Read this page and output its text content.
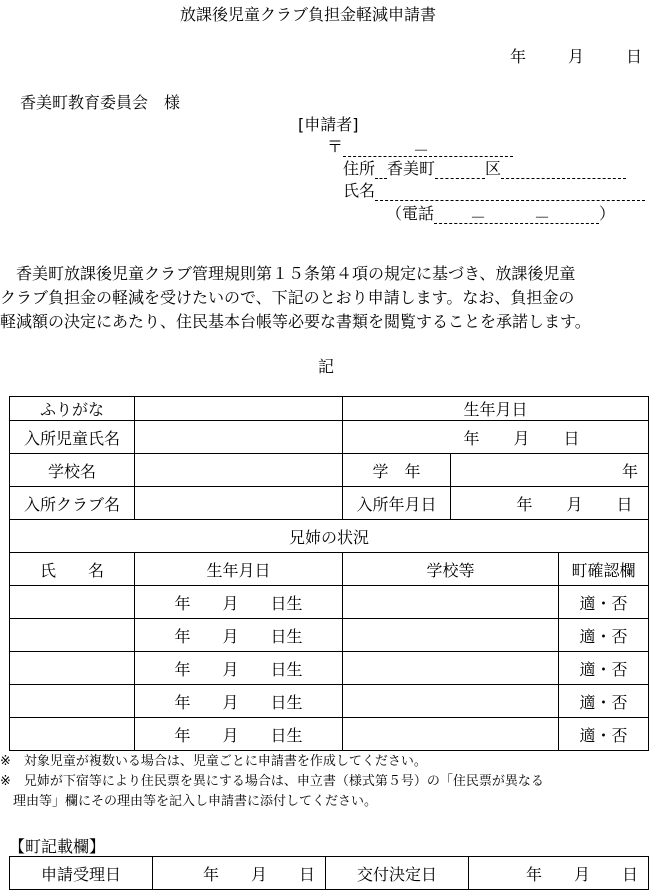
放課後児童クラブ負担金軽減申請書
年	月	日
香美町教育委員会　様
[申請者]
〒	－
住所 香美町	区
氏名
（電話 －	－	）

　香美町放課後児童クラブ管理規則第１５条第４項の規定に基づき、放課後児童

クラブ負担金の軽減を受けたいので、下記のとおり申請します。なお、負担金の

軽減額の決定にあたり、住民基本台帳等必要な書類を閲覧することを承諾します。

記
ふりがな		生年月日		
入所児童氏名		年 月 日		
学校名		学　年	年	
入所クラブ名		入所年月日	年 月 日	
兄姉の状況				
氏　　名	生年月日	学校等		町確認欄
	年　　月　　日生			適・否
	年　　月　　日生			適・否
	年　　月　　日生			適・否
	年　　月　　日生			適・否
	年　　月　　日生			適・否

※　対象児童が複数いる場合は、児童ごとに申請書を作成してください。

※　兄姉が下宿等により住民票を異にする場合は、申立書（様式第５号）の「住民票が異なる

　理由等」欄にその理由等を記入し申請書に添付してください。

【町記載欄】
申請受理日	年　　月　　日	交付決定日	年　　月　　日
